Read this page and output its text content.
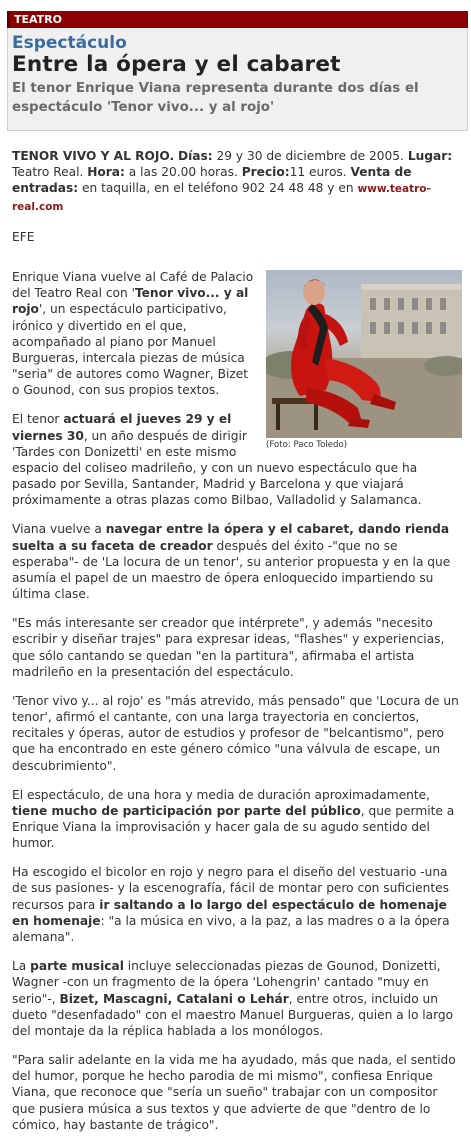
TEATRO
Espectáculo
Entre la ópera y el cabaret
El tenor Enrique Viana representa durante dos días el espectáculo 'Tenor vivo... y al rojo'
TENOR VIVO Y AL ROJO. Días: 29 y 30 de diciembre de 2005. Lugar: Teatro Real. Hora: a las 20.00 horas. Precio:11 euros. Venta de entradas: en taquilla, en el teléfono 902 24 48 48 y en www.teatro-real.com
EFE
(Foto: Paco Toledo)

Enrique Viana vuelve al Café de Palacio del Teatro Real con 'Tenor vivo... y al rojo', un espectáculo participativo, irónico y divertido en el que, acompañado al piano por Manuel Burgueras, intercala piezas de música "seria" de autores como Wagner, Bizet o Gounod, con sus propios textos.

El tenor actuará el jueves 29 y el viernes 30, un año después de dirigir 'Tardes con Donizetti' en este mismo espacio del coliseo madrileño, y con un nuevo espectáculo que ha pasado por Sevilla, Santander, Madrid y Barcelona y que viajará próximamente a otras plazas como Bilbao, Valladolid y Salamanca.

Viana vuelve a navegar entre la ópera y el cabaret, dando rienda suelta a su faceta de creador después del éxito -"que no se esperaba"- de 'La locura de un tenor', su anterior propuesta y en la que asumía el papel de un maestro de ópera enloquecido impartiendo su última clase.

"Es más interesante ser creador que intérprete", y además "necesito escribir y diseñar trajes" para expresar ideas, "flashes" y experiencias, que sólo cantando se quedan "en la partitura", afirmaba el artista madrileño en la presentación del espectáculo.

'Tenor vivo y... al rojo' es "más atrevido, más pensado" que 'Locura de un tenor', afirmó el cantante, con una larga trayectoria en conciertos, recitales y óperas, autor de estudios y profesor de "belcantismo", pero que ha encontrado en este género cómico "una válvula de escape, un descubrimiento".

El espectáculo, de una hora y media de duración aproximadamente, tiene mucho de participación por parte del público, que permite a Enrique Viana la improvisación y hacer gala de su agudo sentido del humor.

Ha escogido el bicolor en rojo y negro para el diseño del vestuario -una de sus pasiones- y la escenografía, fácil de montar pero con suficientes recursos para ir saltando a lo largo del espectáculo de homenaje en homenaje: "a la música en vivo, a la paz, a las madres o a la ópera alemana".

La parte musical incluye seleccionadas piezas de Gounod, Donizetti, Wagner -con un fragmento de la ópera 'Lohengrin' cantado "muy en serio"-, Bizet, Mascagni, Catalani o Lehár, entre otros, incluido un dueto "desenfadado" con el maestro Manuel Burgueras, quien a lo largo del montaje da la réplica hablada a los monólogos.

"Para salir adelante en la vida me ha ayudado, más que nada, el sentido del humor, porque he hecho parodia de mi mismo", confiesa Enrique Viana, que reconoce que "sería un sueño" trabajar con un compositor que pusiera música a sus textos y que advierte de que "dentro de lo cómico, hay bastante de trágico".
